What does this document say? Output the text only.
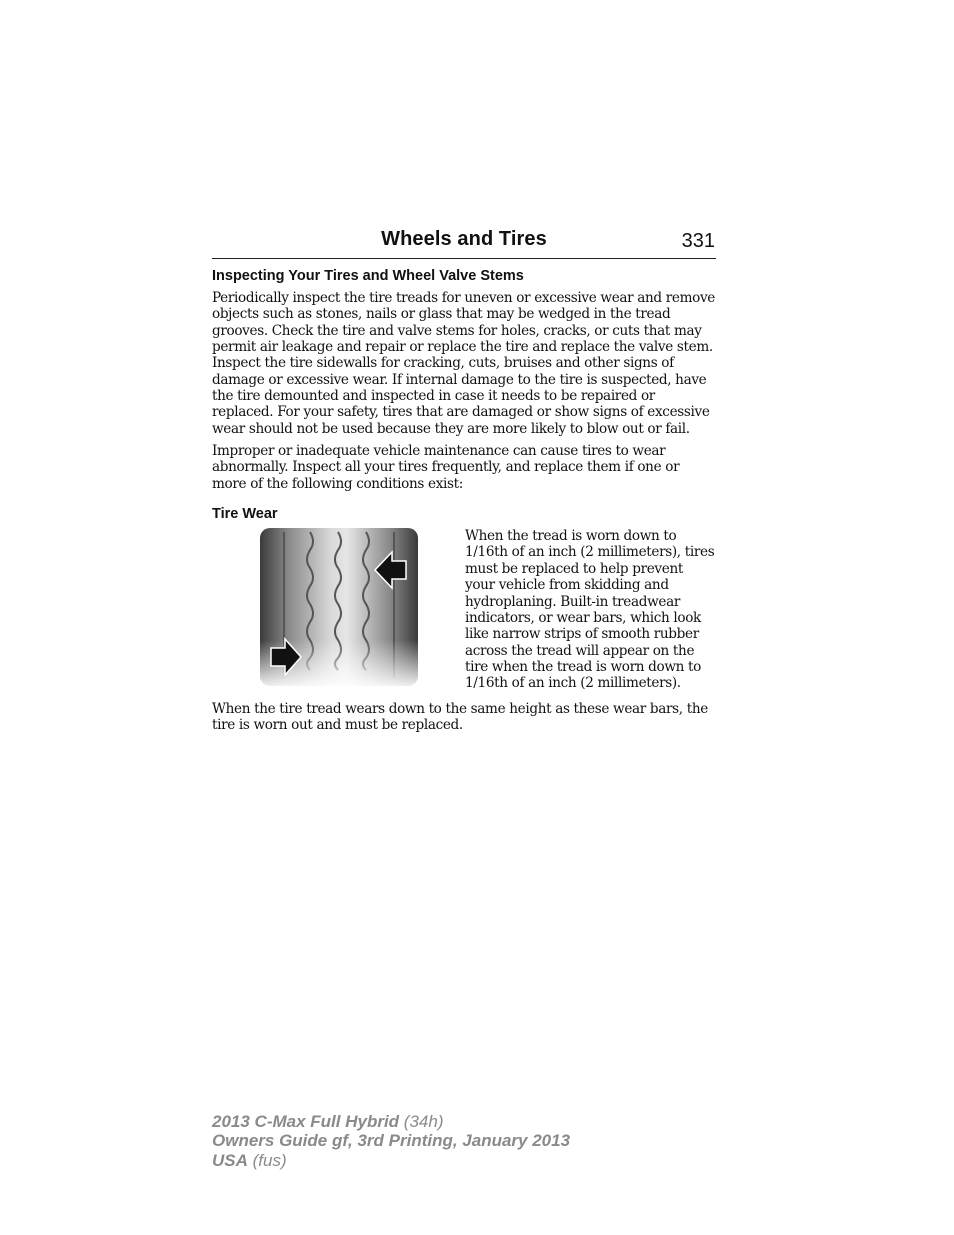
Wheels and Tires	331
Inspecting Your Tires and Wheel Valve Stems

Periodically inspect the tire treads for uneven or excessive wear and remove objects such as stones, nails or glass that may be wedged in the tread grooves. Check the tire and valve stems for holes, cracks, or cuts that may permit air leakage and repair or replace the tire and replace the valve stem. Inspect the tire sidewalls for cracking, cuts, bruises and other signs of damage or excessive wear. If internal damage to the tire is suspected, have the tire demounted and inspected in case it needs to be repaired or replaced. For your safety, tires that are damaged or show signs of excessive wear should not be used because they are more likely to blow out or fail.

Improper or inadequate vehicle maintenance can cause tires to wear abnormally. Inspect all your tires frequently, and replace them if one or more of the following conditions exist:

Tire Wear

When the tread is worn down to 1/16th of an inch (2 millimeters), tires must be replaced to help prevent your vehicle from skidding and hydroplaning. Built-in treadwear indicators, or wear bars, which look like narrow strips of smooth rubber across the tread will appear on the tire when the tread is worn down to 1/16th of an inch (2 millimeters).

When the tire tread wears down to the same height as these wear bars, the tire is worn out and must be replaced.

2013 C-Max Full Hybrid (34h)
Owners Guide gf, 3rd Printing, January 2013
USA (fus)
